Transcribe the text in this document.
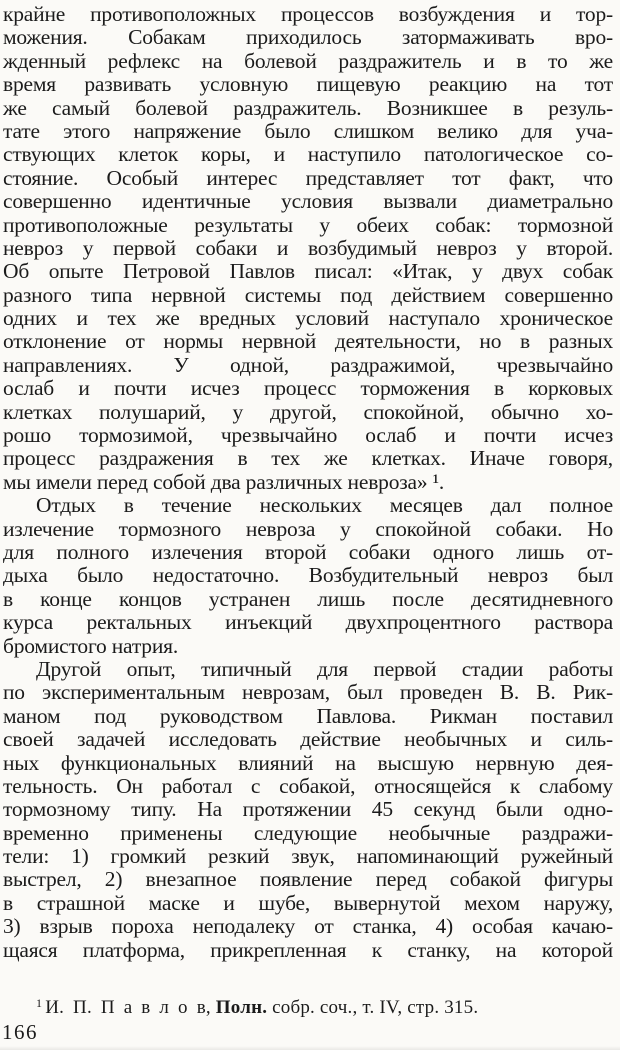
крайне противоположных процессов возбуждения и тор-
можения. Собакам приходилось затормаживать вро-
жденный рефлекс на болевой раздражитель и в то же
время развивать условную пищевую реакцию на тот
же самый болевой раздражитель. Возникшее в резуль-
тате этого напряжение было слишком велико для уча-
ствующих клеток коры, и наступило патологическое со-
стояние. Особый интерес представляет тот факт, что
совершенно идентичные условия вызвали диаметрально
противоположные результаты у обеих собак: тормозной
невроз у первой собаки и возбудимый невроз у второй.
Об опыте Петровой Павлов писал: «Итак, у двух собак
разного типа нервной системы под действием совершенно
одних и тех же вредных условий наступало хроническое
отклонение от нормы нервной деятельности, но в разных
направлениях. У одной, раздражимой, чрезвычайно
ослаб и почти исчез процесс торможения в корковых
клетках полушарий, у другой, спокойной, обычно хо-
рошо тормозимой, чрезвычайно ослаб и почти исчез
процесс раздражения в тех же клетках. Иначе говоря,
мы имели перед собой два различных невроза» ¹.
Отдых в течение нескольких месяцев дал полное
излечение тормозного невроза у спокойной собаки. Но
для полного излечения второй собаки одного лишь от-
дыха было недостаточно. Возбудительный невроз был
в конце концов устранен лишь после десятидневного
курса ректальных инъекций двухпроцентного раствора
бромистого натрия.
Другой опыт, типичный для первой стадии работы
по экспериментальным неврозам, был проведен В. В. Рик-
маном под руководством Павлова. Рикман поставил
своей задачей исследовать действие необычных и силь-
ных функциональных влияний на высшую нервную дея-
тельность. Он работал с собакой, относящейся к слабому
тормозному типу. На протяжении 45 секунд были одно-
временно применены следующие необычные раздражи-
тели: 1) громкий резкий звук, напоминающий ружейный
выстрел, 2) внезапное появление перед собакой фигуры
в страшной маске и шубе, вывернутой мехом наружу,
3) взрыв пороха неподалеку от станка, 4) особая качаю-
щаяся платформа, прикрепленная к станку, на которой
$^1$ И. П. П а в л о в, Полн. собр. соч., т. IV, стр. 315.
166
